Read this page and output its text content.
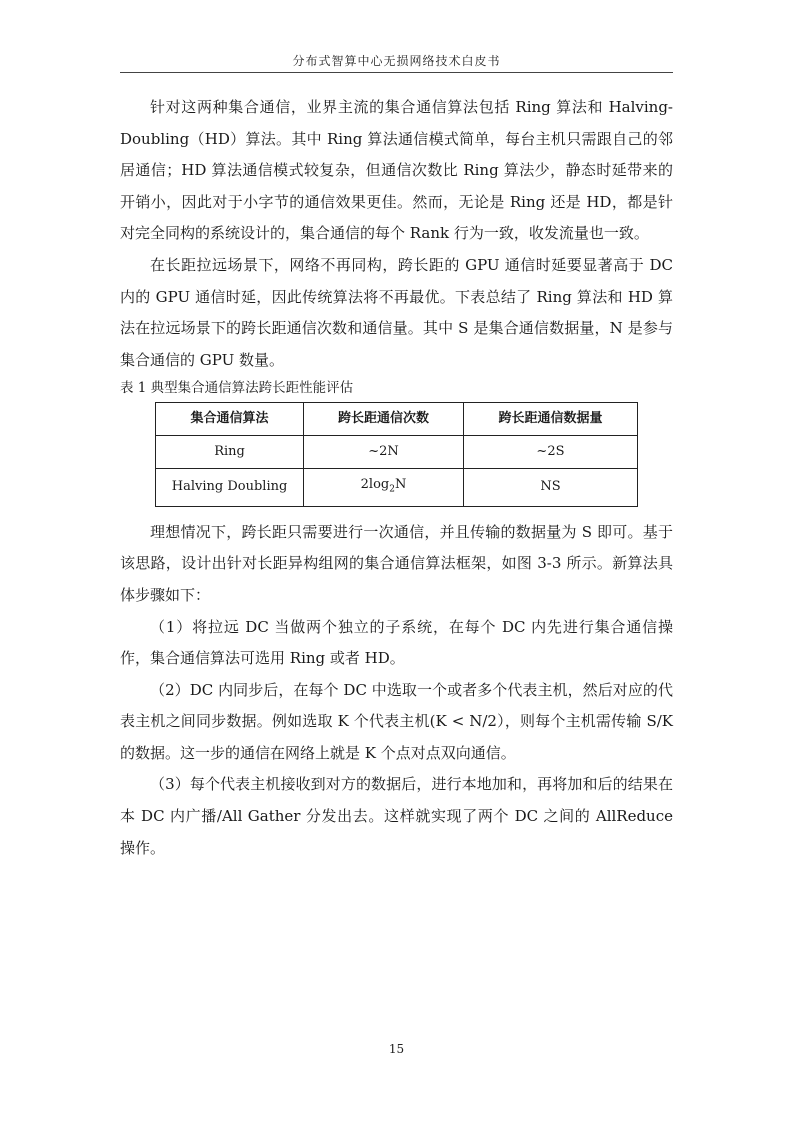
分布式智算中心无损网络技术白皮书

针对这两种集合通信，业界主流的集合通信算法包括 Ring 算法和 Halving-Doubling（HD）算法。其中 Ring 算法通信模式简单，每台主机只需跟自己的邻居通信；HD 算法通信模式较复杂，但通信次数比 Ring 算法少，静态时延带来的开销小，因此对于小字节的通信效果更佳。然而，无论是 Ring 还是 HD，都是针对完全同构的系统设计的，集合通信的每个 Rank 行为一致，收发流量也一致。

在长距拉远场景下，网络不再同构，跨长距的 GPU 通信时延要显著高于 DC 内的 GPU 通信时延，因此传统算法将不再最优。下表总结了 Ring 算法和 HD 算法在拉远场景下的跨长距通信次数和通信量。其中 S 是集合通信数据量，N 是参与集合通信的 GPU 数量。

表 1 典型集合通信算法跨长距性能评估

集合通信算法	跨长距通信次数	跨长距通信数据量
Ring	~2N	~2S
Halving Doubling	$2\log_2N$	NS

理想情况下，跨长距只需要进行一次通信，并且传输的数据量为 S 即可。基于该思路，设计出针对长距异构组网的集合通信算法框架，如图 3-3 所示。新算法具体步骤如下：

（1）将拉远 DC 当做两个独立的子系统，在每个 DC 内先进行集合通信操作，集合通信算法可选用 Ring 或者 HD。

（2）DC 内同步后，在每个 DC 中选取一个或者多个代表主机，然后对应的代表主机之间同步数据。例如选取 K 个代表主机(K < N/2），则每个主机需传输 S/K 的数据。这一步的通信在网络上就是 K 个点对点双向通信。

（3）每个代表主机接收到对方的数据后，进行本地加和，再将加和后的结果在本 DC 内广播/All Gather 分发出去。这样就实现了两个 DC 之间的 AllReduce 操作。

15
